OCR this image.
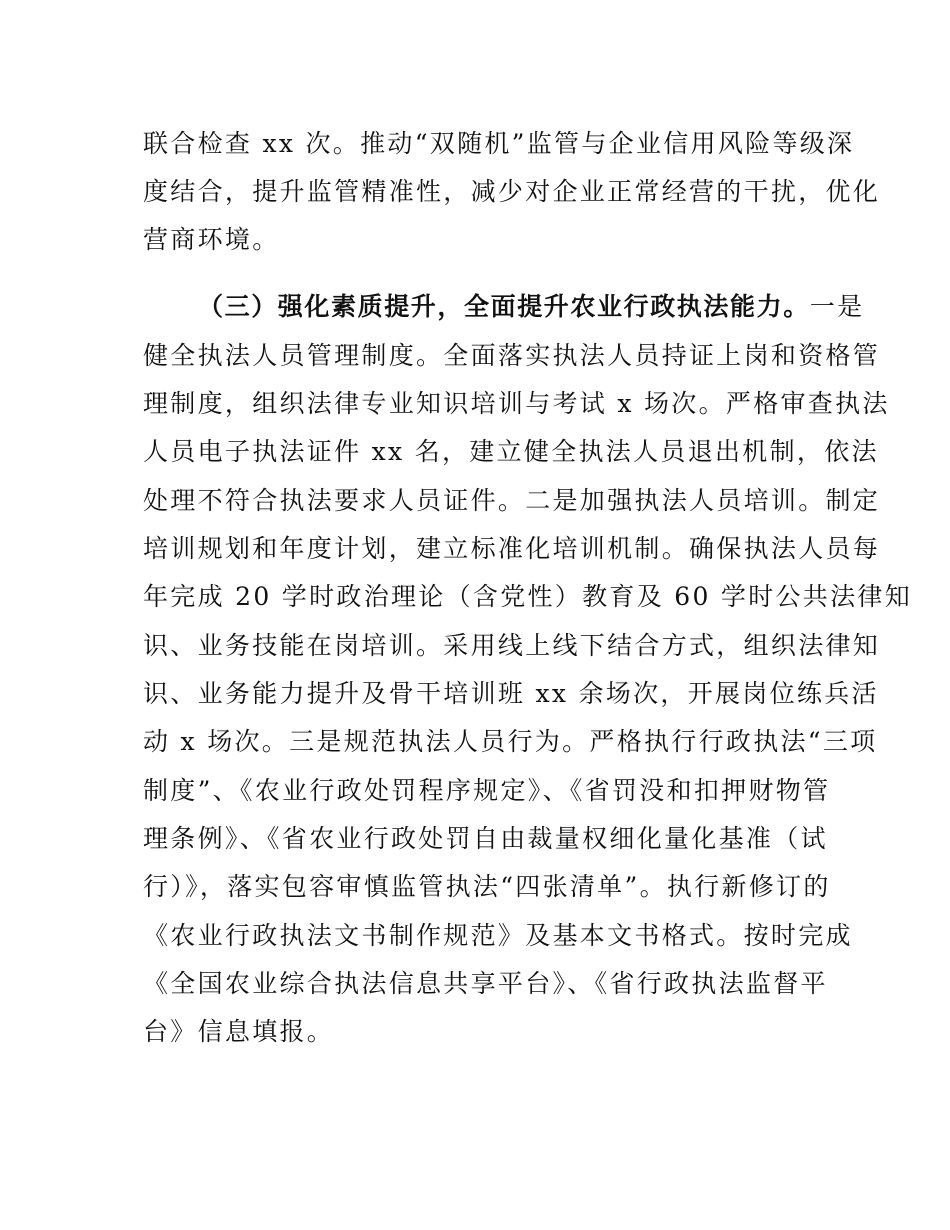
联合检查 xx 次。推动“双随机”监管与企业信用风险等级深
度结合，提升监管精准性，减少对企业正常经营的干扰，优化
营商环境。
（三）强化素质提升，全面提升农业行政执法能力。一是
健全执法人员管理制度。全面落实执法人员持证上岗和资格管
理制度，组织法律专业知识培训与考试 x 场次。严格审查执法
人员电子执法证件 xx 名，建立健全执法人员退出机制，依法
处理不符合执法要求人员证件。二是加强执法人员培训。制定
培训规划和年度计划，建立标准化培训机制。确保执法人员每
年完成 20 学时政治理论（含党性）教育及 60 学时公共法律知
识、业务技能在岗培训。采用线上线下结合方式，组织法律知
识、业务能力提升及骨干培训班 xx 余场次，开展岗位练兵活
动 x 场次。三是规范执法人员行为。严格执行行政执法“三项
制度”、《农业行政处罚程序规定》、《省罚没和扣押财物管
理条例》、《省农业行政处罚自由裁量权细化量化基准（试
行）》，落实包容审慎监管执法“四张清单”。执行新修订的
《农业行政执法文书制作规范》及基本文书格式。按时完成
《全国农业综合执法信息共享平台》、《省行政执法监督平
台》信息填报。
